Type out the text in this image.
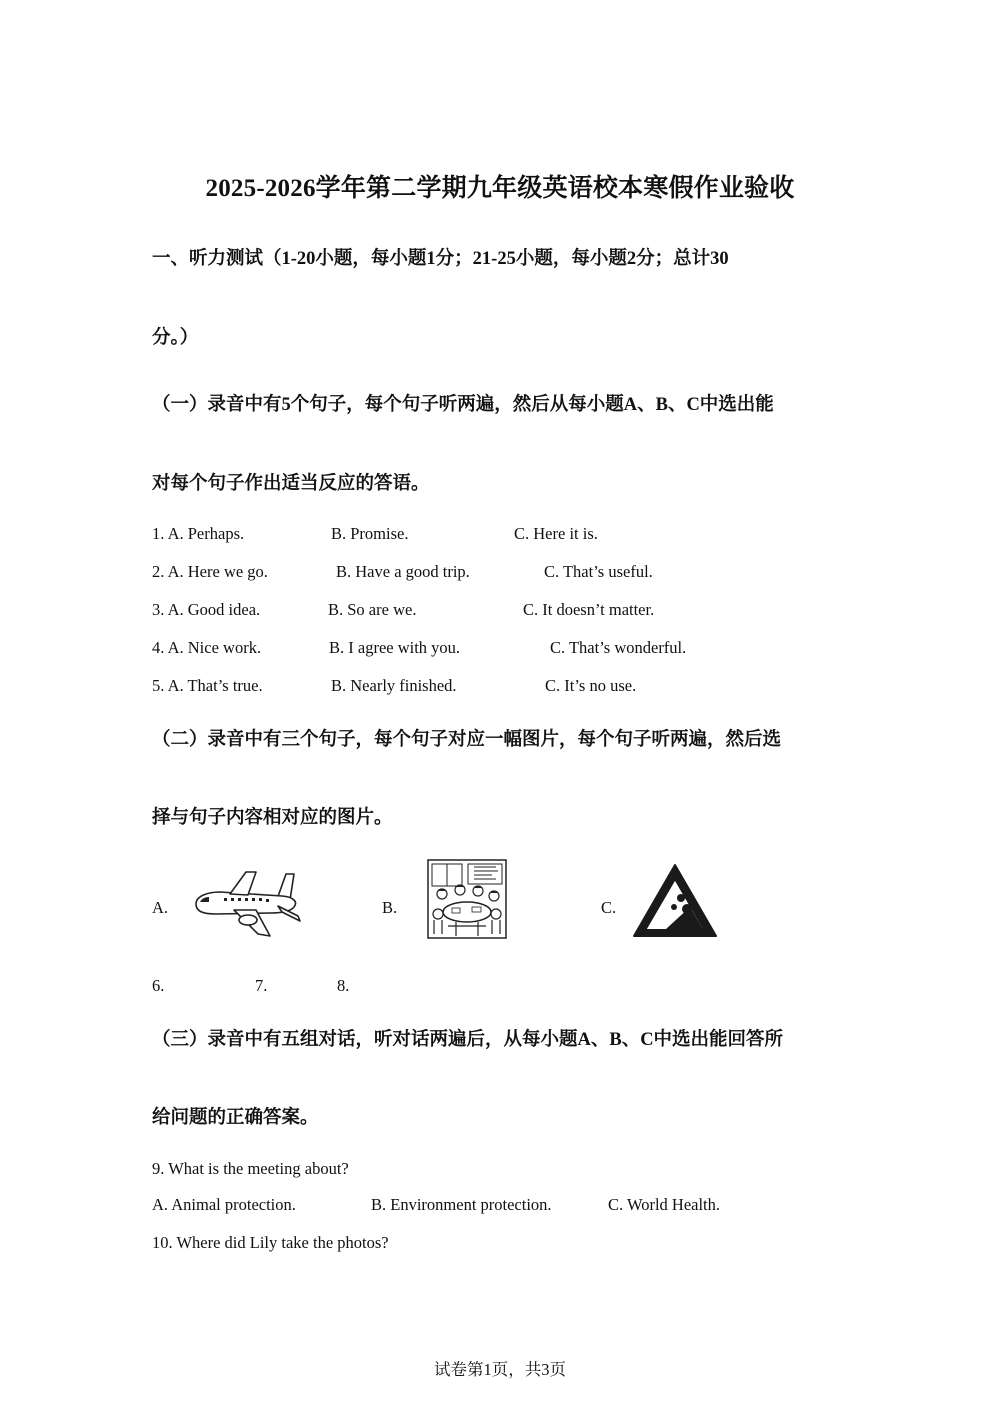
2025-2026学年第二学期九年级英语校本寒假作业验收
一、听力测试（1-20小题，每小题1分；21-25小题，每小题2分；总计30
分。）
（一）录音中有5个句子，每个句子听两遍，然后从每小题A、B、C中选出能
对每个句子作出适当反应的答语。
1. A. Perhaps.	B. Promise.	C. Here it is.
2. A. Here we go.	B. Have a good trip.	C. That’s useful.
3. A. Good idea.	B. So are we.	C. It doesn’t matter.
4. A. Nice work.	B. I agree with you.	C. That’s wonderful.
5. A. That’s true.	B. Nearly finished.	C. It’s no use.
（二）录音中有三个句子，每个句子对应一幅图片，每个句子听两遍，然后选
择与句子内容相对应的图片。
A.	B.	C.
6.	7.	8.
（三）录音中有五组对话，听对话两遍后，从每小题A、B、C中选出能回答所
给问题的正确答案。
9. What is the meeting about?
A. Animal protection.	B. Environment protection.	C. World Health.
10. Where did Lily take the photos?
试卷第1页，共3页
